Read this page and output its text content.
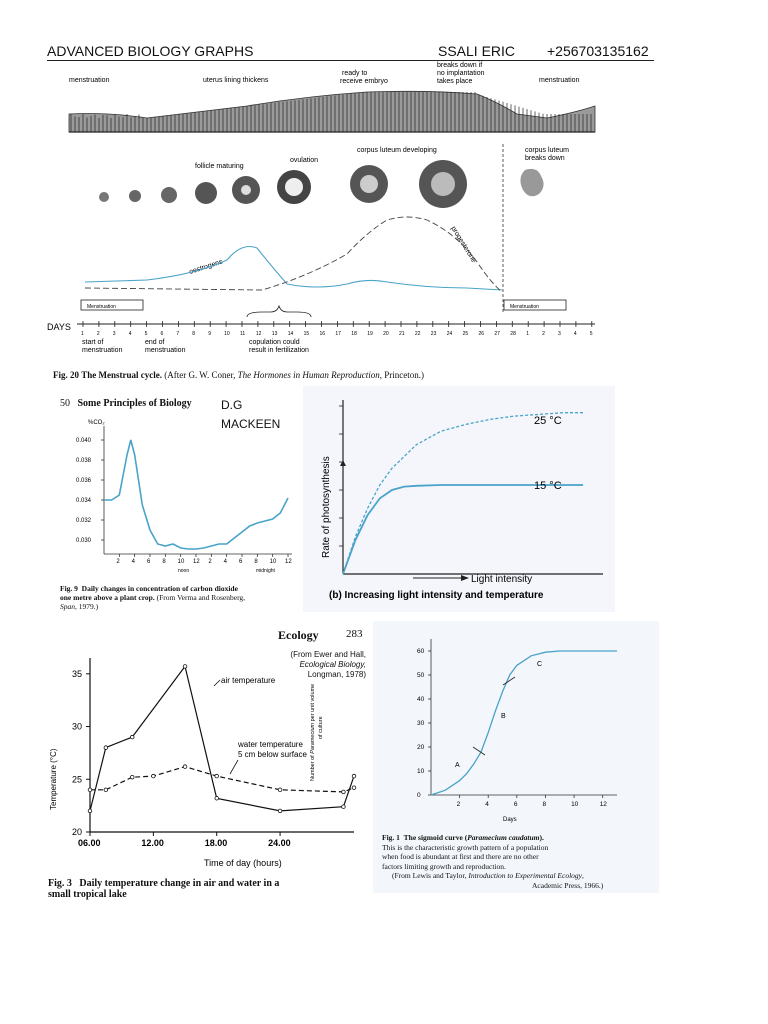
ADVANCED BIOLOGY GRAPHS	SSALI ERIC +256703135162
menstruation	uterus lining thickens
ready to
receive embryo
breaks down if
no implantation
takes place	menstruation
follicle maturing
ovulation
corpus luteum developing	corpus luteum
breaks down
oestrogens
progesterone
Menstruation	Menstruation
DAYS
1	2	3	4	5	6	7	8	9	10 11 12 13 14 15 16 17 18 19 20 21 22 23 24 25 26 27 28 1	2	3	4	5
start of
menstruation
end of
menstruation
copulation could
result in fertilization
Fig. 20 The Menstrual cycle. (After G. W. Coner, The Hormones in Human Reproduction, Princeton.)
50 Some Principles of Biology D.G
MACKEEN
%CO₂
0.040
0.038
0.036
0.034
0.032
0.030
2 4 6 8 10 12 2 4 6 8 10 12
noon	midnight
Fig. 9 Daily changes in concentration of carbon dioxide
one metre above a plant crop. (From Verma and Rosenberg,
Span, 1979.)
Rate of photosynthesis
25 °C
15 °C
Light intensity
(b) Increasing light intensity and temperature
Ecology 283
(From Ewer and Hall,
Ecological Biology,
Longman, 1978)
Temperature (°C)
20
25
30
35
06.00	12.00	18.00	24.00
air temperature
water temperature
5 cm below surface
Time of day (hours)
Fig. 3 Daily temperature change in air and water in a
small tropical lake
Number of Paramecium per unit volume
of culture
0
10
20
30
40
50
60
2	4	6	8	10	12
A
B
C
Days
Fig. 1 The sigmoid curve (Paramecium caudatum).
This is the characteristic growth pattern of a population
when food is abundant at first and there are no other
factors limiting growth and reproduction.
(From Lewis and Taylor, Introduction to Experimental Ecology,
Academic Press, 1966.)
